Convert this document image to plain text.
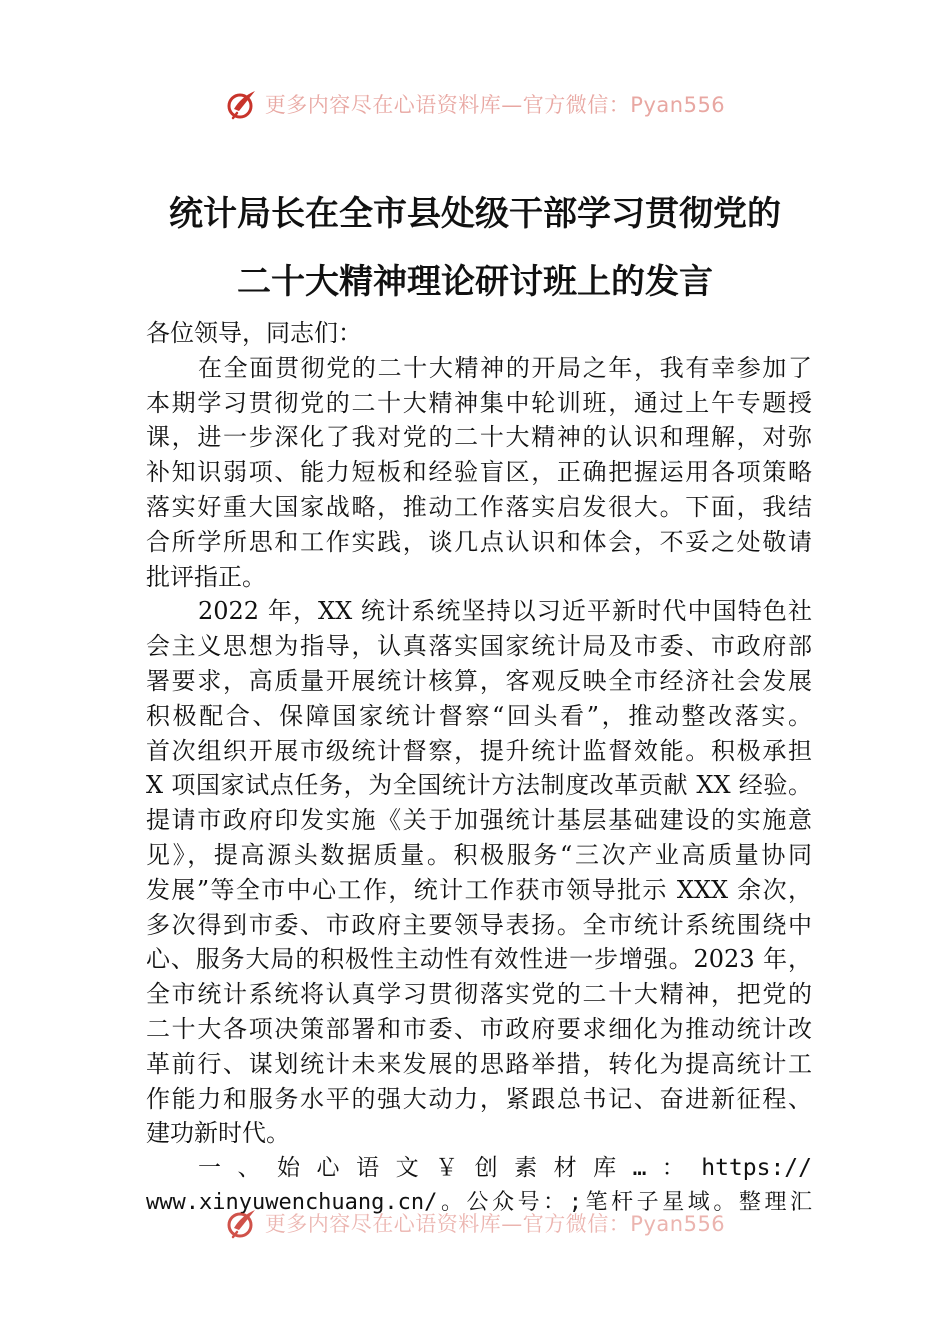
更多内容尽在心语资料库—官方微信：Pyan556
统计局长在全市县处级干部学习贯彻党的
二十大精神理论研讨班上的发言
各位领导，同志们：
在全面贯彻党的二十大精神的开局之年，我有幸参加了
本期学习贯彻党的二十大精神集中轮训班，通过上午专题授
课，进一步深化了我对党的二十大精神的认识和理解，对弥
补知识弱项、能力短板和经验盲区，正确把握运用各项策略
落实好重大国家战略，推动工作落实启发很大。下面，我结
合所学所思和工作实践，谈几点认识和体会，不妥之处敬请
批评指正。
2022 年，XX 统计系统坚持以习近平新时代中国特色社
会主义思想为指导，认真落实国家统计局及市委、市政府部
署要求，高质量开展统计核算，客观反映全市经济社会发展
积极配合、保障国家统计督察“回头看”，推动整改落实。
首次组织开展市级统计督察，提升统计监督效能。积极承担
X 项国家试点任务，为全国统计方法制度改革贡献 XX 经验。
提请市政府印发实施《关于加强统计基层基础建设的实施意
见》，提高源头数据质量。积极服务“三次产业高质量协同
发展”等全市中心工作，统计工作获市领导批示 XXX 余次，
多次得到市委、市政府主要领导表扬。全市统计系统围绕中
心、服务大局的积极性主动性有效性进一步增强。2023 年，
全市统计系统将认真学习贯彻落实党的二十大精神，把党的
二十大各项决策部署和市委、市政府要求细化为推动统计改
革前行、谋划统计未来发展的思路举措，转化为提高统计工
作能力和服务水平的强大动力，紧跟总书记、奋进新征程、
建功新时代。
一 、 始 心 语 文 ￥ 创 素 材 库 … ： https://
www.xinyuwenchuang.cn/。公众号：;笔杆子星域。整理汇
更多内容尽在心语资料库—官方微信：Pyan556
